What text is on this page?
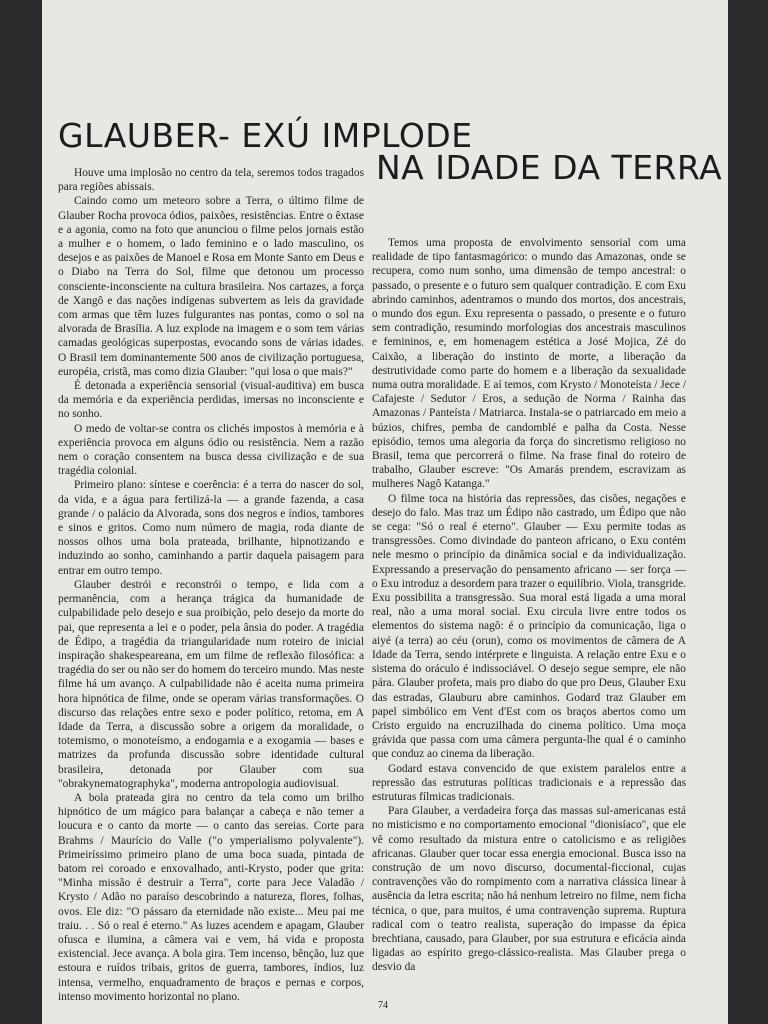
GLAUBER- EXÚ IMPLODE
NA IDADE DA TERRA

Houve uma implosão no centro da tela, seremos todos tragados para regiões abissais.

Caindo como um meteoro sobre a Terra, o último filme de Glauber Rocha provoca ódios, paixões, resistências. Entre o êxtase e a agonia, como na foto que anunciou o filme pelos jornais estão a mulher e o homem, o lado feminino e o lado masculino, os desejos e as paixões de Manoel e Rosa em Monte Santo em Deus e o Diabo na Terra do Sol, filme que detonou um processo consciente-inconsciente na cultura brasileira. Nos cartazes, a força de Xangô e das nações indígenas subvertem as leis da gravidade com armas que têm luzes fulgurantes nas pontas, como o sol na alvorada de Brasília. A luz explode na imagem e o som tem várias camadas geológicas superpostas, evocando sons de várias idades. O Brasil tem dominantemente 500 anos de civilização portuguesa, européia, cristã, mas como dizia Glauber: "qui losa o que mais?"

É detonada a experiência sensorial (visual-auditiva) em busca da memória e da experiência perdidas, imersas no inconsciente e no sonho.

O medo de voltar-se contra os clichés impostos à memória e à experiência provoca em alguns ódio ou resistência. Nem a razão nem o coração consentem na busca dessa civilização e de sua tragédia colonial.

Primeiro plano: síntese e coerência: é a terra do nascer do sol, da vida, e a água para fertilizá-la — a grande fazenda, a casa grande / o palácio da Alvorada, sons dos negros e índios, tambores e sinos e gritos. Como num número de magia, roda diante de nossos olhos uma bola prateada, brilhante, hipnotizando e induzindo ao sonho, caminhando a partir daquela paisagem para entrar em outro tempo.

Glauber destrói e reconstrói o tempo, e lida com a permanência, com a herança trágica da humanidade de culpabilidade pelo desejo e sua proibição, pelo desejo da morte do pai, que representa a lei e o poder, pela ânsia do poder. A tragédia de Édipo, a tragédia da triangularidade num roteiro de inicial inspiração shakespeareana, em um filme de reflexão filosófica: a tragédia do ser ou não ser do homem do terceiro mundo. Mas neste filme há um avanço. A culpabilidade não é aceita numa primeira hora hipnótica de filme, onde se operam várias transformações. O discurso das relações entre sexo e poder político, retoma, em A Idade da Terra, a discussão sobre a origem da moralidade, o totemismo, o monoteísmo, a endogamia e a exogamia — bases e matrizes da profunda discussão sobre identidade cultural brasileira, detonada por Glauber com sua "obrakynematographyka", moderna antropologia audiovisual.

A bola prateada gira no centro da tela como um brilho hipnótico de um mágico para balançar a cabeça e não temer a loucura e o canto da morte — o canto das sereias. Corte para Brahms / Maurício do Valle ("o ymperialismo polyvalente"). Primeiríssimo primeiro plano de uma boca suada, pintada de batom rei coroado e enxovalhado, anti-Krysto, poder que grita: "Minha missão é destruir a Terra", corte para Jece Valadão / Krysto / Adão no paraíso descobrindo a natureza, flores, folhas, ovos. Ele diz: "O pássaro da eternidade não existe... Meu pai me traiu. . . Só o real é eterno." As luzes acendem e apagam, Glauber ofusca e ilumina, a câmera vai e vem, há vida e proposta existencial. Jece avança. A bola gira. Tem incenso, bênção, luz que estoura e ruídos tribais, gritos de guerra, tambores, índios, luz intensa, vermelho, enquadramento de braços e pernas e corpos, intenso movimento horizontal no plano.

Temos uma proposta de envolvimento sensorial com uma realidade de tipo fantasmagórico: o mundo das Amazonas, onde se recupera, como num sonho, uma dimensão de tempo ancestral: o passado, o presente e o futuro sem qualquer contradição. E com Exu abrindo caminhos, adentramos o mundo dos mortos, dos ancestrais, o mundo dos egun. Exu representa o passado, o presente e o futuro sem contradição, resumindo morfologias dos ancestrais masculinos e femininos, e, em homenagem estética a José Mojica, Zé do Caixão, a liberação do instinto de morte, a liberação da destrutividade como parte do homem e a liberação da sexualidade numa outra moralidade. E aí temos, com Krysto / Monoteísta / Jece / Cafajeste / Sedutor / Eros, a sedução de Norma / Rainha das Amazonas / Panteísta / Matriarca. Instala-se o patriarcado em meio a búzios, chifres, pemba de candomblé e palha da Costa. Nesse episódio, temos uma alegoria da força do sincretismo religioso no Brasil, tema que percorrerá o filme. Na frase final do roteiro de trabalho, Glauber escreve: "Os Amarás prendem, escravizam as mulheres Nagô Katanga."

O filme toca na história das repressões, das cisões, negações e desejo do falo. Mas traz um Édipo não castrado, um Édipo que não se cega: "Só o real é eterno". Glauber — Exu permite todas as transgressões. Como divindade do panteon africano, o Exu contém nele mesmo o princípio da dinâmica social e da individualização. Expressando a preservação do pensamento africano — ser força — o Exu introduz a desordem para trazer o equilíbrio. Viola, transgride. Exu possibilita a transgressão. Sua moral está ligada a uma moral real, não a uma moral social. Exu circula livre entre todos os elementos do sistema nagô: é o princípio da comunicação, liga o aiyé (a terra) ao céu (orun), como os movimentos de câmera de A Idade da Terra, sendo intérprete e linguista. A relação entre Exu e o sistema do oráculo é indissociável. O desejo segue sempre, ele não pára. Glauber profeta, mais pro diabo do que pro Deus, Glauber Exu das estradas, Glauburu abre caminhos. Godard traz Glauber em papel simbólico em Vent d'Est com os braços abertos como um Cristo erguido na encruzilhada do cinema político. Uma moça grávida que passa com uma câmera pergunta-lhe qual é o caminho que conduz ao cinema da liberação.

Godard estava convencido de que existem paralelos entre a repressão das estruturas políticas tradicionais e a repressão das estruturas fílmicas tradicionais.

Para Glauber, a verdadeira força das massas sul-americanas está no misticismo e no comportamento emocional "dionisíaco", que ele vê como resultado da mistura entre o catolicismo e as religiões africanas. Glauber quer tocar essa energia emocional. Busca isso na construção de um novo discurso, documental-ficcional, cujas contravenções vão do rompimento com a narrativa clássica linear à ausência da letra escrita; não há nenhum letreiro no filme, nem ficha técnica, o que, para muitos, é uma contravenção suprema. Ruptura radical com o teatro realista, superação do impasse da épica brechtiana, causado, para Glauber, por sua estrutura e eficácia ainda ligadas ao espírito grego-clássico-realista. Mas Glauber prega o desvio da

74
